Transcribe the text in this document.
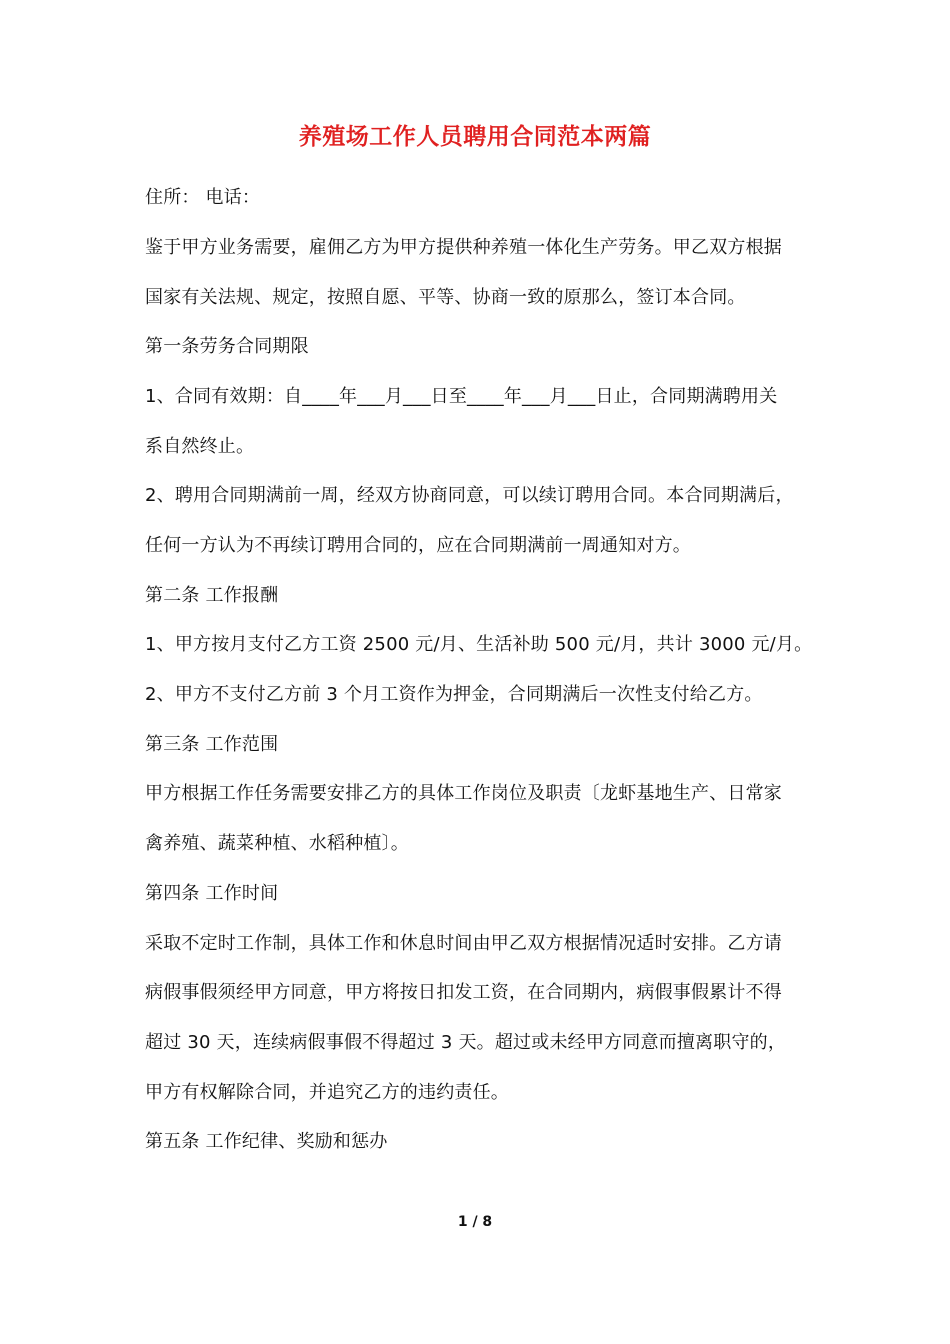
养殖场工作人员聘用合同范本两篇
住所： 电话：
鉴于甲方业务需要，雇佣乙方为甲方提供种养殖一体化生产劳务。甲乙双方根据
国家有关法规、规定，按照自愿、平等、协商一致的原那么，签订本合同。
第一条劳务合同期限
1、合同有效期：自____年___月___日至____年___月___日止，合同期满聘用关
系自然终止。
2、聘用合同期满前一周，经双方协商同意，可以续订聘用合同。本合同期满后，
任何一方认为不再续订聘用合同的，应在合同期满前一周通知对方。
第二条 工作报酬
1、甲方按月支付乙方工资 2500 元/月、生活补助 500 元/月，共计 3000 元/月。
2、甲方不支付乙方前 3 个月工资作为押金，合同期满后一次性支付给乙方。
第三条 工作范围
甲方根据工作任务需要安排乙方的具体工作岗位及职责〔龙虾基地生产、日常家
禽养殖、蔬菜种植、水稻种植〕。
第四条 工作时间
采取不定时工作制，具体工作和休息时间由甲乙双方根据情况适时安排。乙方请
病假事假须经甲方同意，甲方将按日扣发工资，在合同期内，病假事假累计不得
超过 30 天，连续病假事假不得超过 3 天。超过或未经甲方同意而擅离职守的，
甲方有权解除合同，并追究乙方的违约责任。
第五条 工作纪律、奖励和惩办
1 / 8
